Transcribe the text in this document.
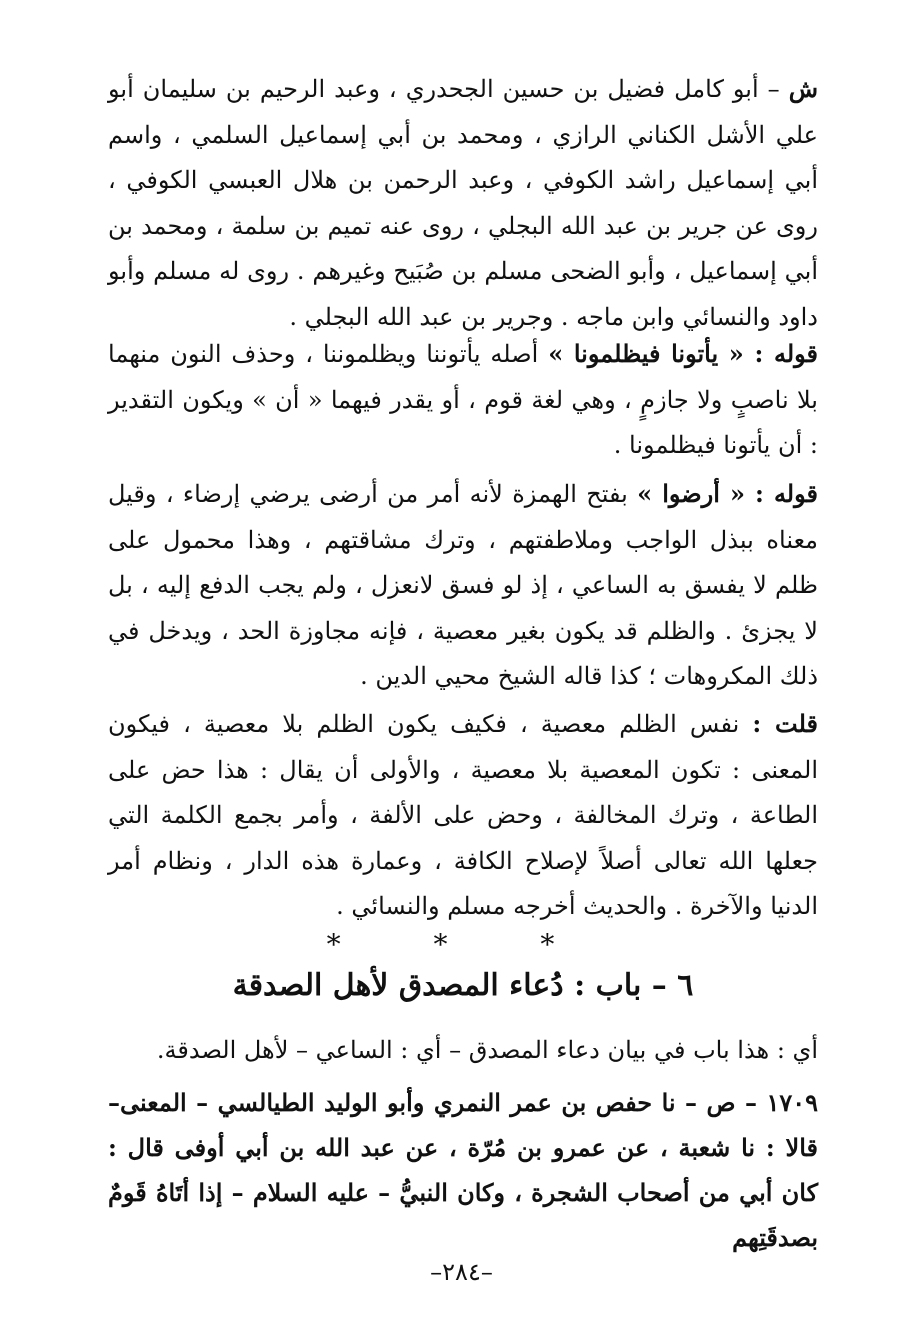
ش – أبو كامل فضيل بن حسين الجحدري ، وعبد الرحيم بن سليمان أبو علي الأشل الكناني الرازي ، ومحمد بن أبي إسماعيل السلمي ، واسم أبي إسماعيل راشد الكوفي ، وعبد الرحمن بن هلال العبسي الكوفي ، روى عن جرير بن عبد الله البجلي ، روى عنه تميم بن سلمة ، ومحمد بن أبي إسماعيل ، وأبو الضحى مسلم بن صُبَيح وغيرهم . روى له مسلم وأبو داود والنسائي وابن ماجه . وجرير بن عبد الله البجلي .

قوله : « يأتونا فيظلمونا » أصله يأتوننا ويظلموننا ، وحذف النون منهما بلا ناصبٍ ولا جازمٍ ، وهي لغة قوم ، أو يقدر فيهما « أن » ويكون التقدير : أن يأتونا فيظلمونا .

قوله : « أرضوا » بفتح الهمزة لأنه أمر من أرضى يرضي إرضاء ، وقيل معناه ببذل الواجب وملاطفتهم ، وترك مشاقتهم ، وهذا محمول على ظلم لا يفسق به الساعي ، إذ لو فسق لانعزل ، ولم يجب الدفع إليه ، بل لا يجزئ . والظلم قد يكون بغير معصية ، فإنه مجاوزة الحد ، ويدخل في ذلك المكروهات ؛ كذا قاله الشيخ محيي الدين .

قلت : نفس الظلم معصية ، فكيف يكون الظلم بلا معصية ، فيكون المعنى : تكون المعصية بلا معصية ، والأولى أن يقال : هذا حض على الطاعة ، وترك المخالفة ، وحض على الألفة ، وأمر بجمع الكلمة التي جعلها الله تعالى أصلاً لإصلاح الكافة ، وعمارة هذه الدار ، ونظام أمر الدنيا والآخرة . والحديث أخرجه مسلم والنسائي .

* * *
٦ – باب : دُعاء المصدق لأهل الصدقة

أي : هذا باب في بيان دعاء المصدق – أي : الساعي – لأهل الصدقة.

١٧٠٩ – ص – نا حفص بن عمر النمري وأبو الوليد الطيالسي – المعنى– قالا : نا شعبة ، عن عمرو بن مُرّة ، عن عبد الله بن أبي أوفى قال : كان أبي من أصحاب الشجرة ، وكان النبيُّ – عليه السلام – إذا أتَاهُ قَومٌ بصدقَتِهم

–٢٨٤–
